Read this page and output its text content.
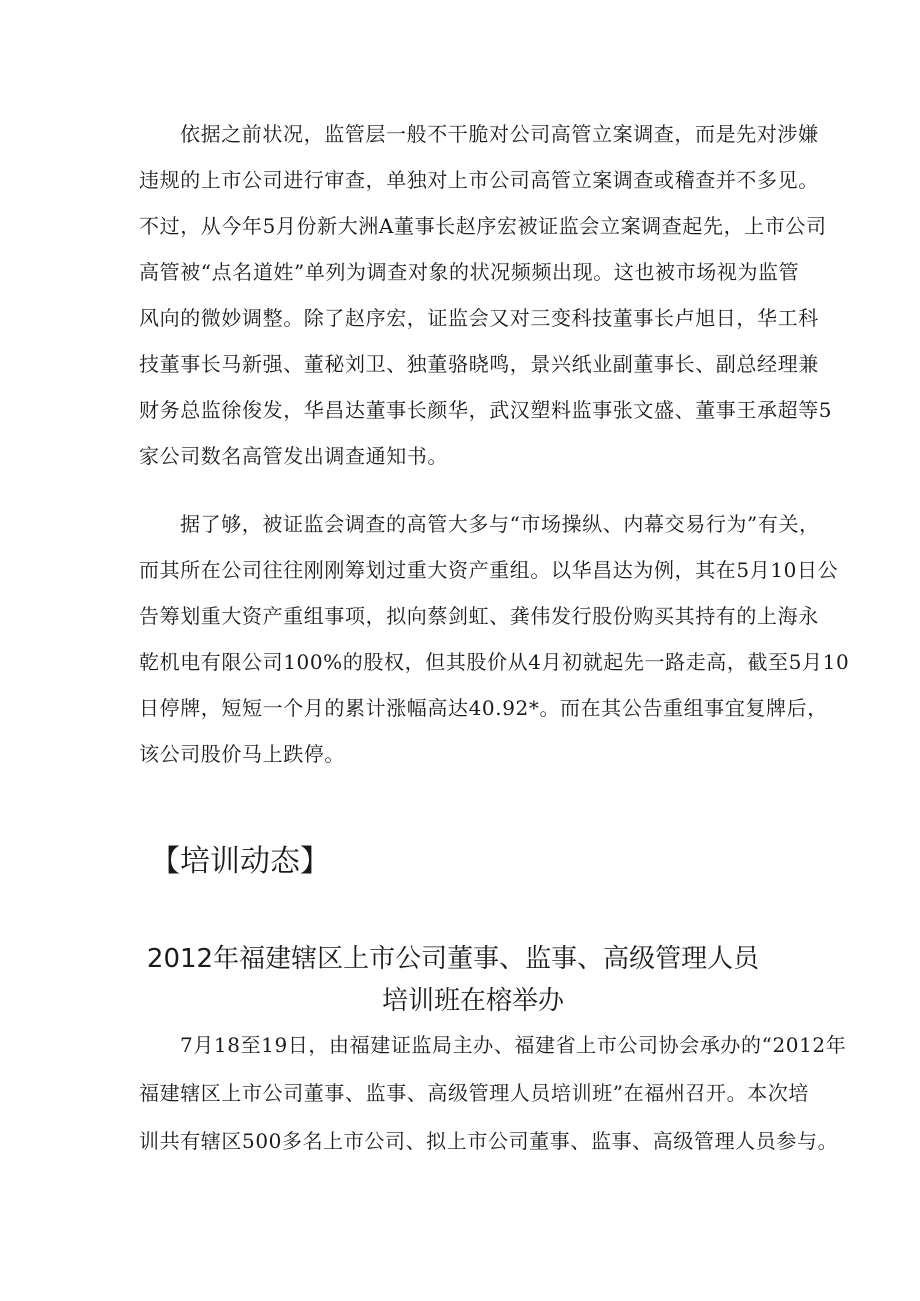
依据之前状况，监管层一般不干脆对公司高管立案调查，而是先对涉嫌
违规的上市公司进行审查，单独对上市公司高管立案调查或稽查并不多见。
不过，从今年5月份新大洲A董事长赵序宏被证监会立案调查起先，上市公司
高管被“点名道姓”单列为调查对象的状况频频出现。这也被市场视为监管
风向的微妙调整。除了赵序宏，证监会又对三变科技董事长卢旭日，华工科
技董事长马新强、董秘刘卫、独董骆晓鸣，景兴纸业副董事长、副总经理兼
财务总监徐俊发，华昌达董事长颜华，武汉塑料监事张文盛、董事王承超等5
家公司数名高管发出调查通知书。
据了够，被证监会调查的高管大多与“市场操纵、内幕交易行为”有关，
而其所在公司往往刚刚筹划过重大资产重组。以华昌达为例，其在5月10日公
告筹划重大资产重组事项，拟向蔡剑虹、龚伟发行股份购买其持有的上海永
乾机电有限公司100%的股权，但其股价从4月初就起先一路走高，截至5月10
日停牌，短短一个月的累计涨幅高达40.92*。而在其公告重组事宜复牌后，
该公司股价马上跌停。
【培训动态】
2012年福建辖区上市公司董事、监事、高级管理人员
培训班在榕举办
7月18至19日，由福建证监局主办、福建省上市公司协会承办的“2012年
福建辖区上市公司董事、监事、高级管理人员培训班”在福州召开。本次培
训共有辖区500多名上市公司、拟上市公司董事、监事、高级管理人员参与。
